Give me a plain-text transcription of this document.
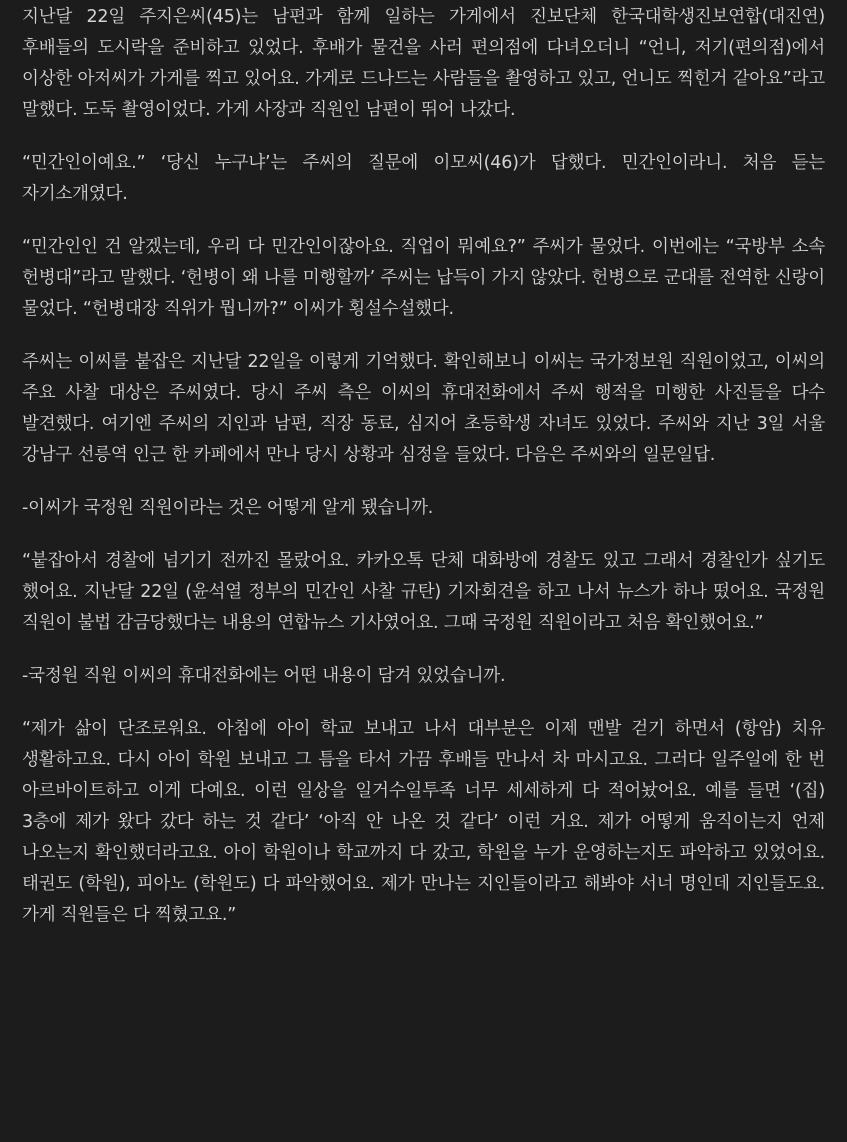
지난달 22일 주지은씨(45)는 남편과 함께 일하는 가게에서 진보단체 한국대학생진보연합(대진연) 후배들의 도시락을 준비하고 있었다. 후배가 물건을 사러 편의점에 다녀오더니 “언니, 저기(편의점)에서 이상한 아저씨가 가게를 찍고 있어요. 가게로 드나드는 사람들을 촬영하고 있고, 언니도 찍힌거 같아요”라고 말했다. 도둑 촬영이었다. 가게 사장과 직원인 남편이 뛰어 나갔다.

“민간인이예요.” ‘당신 누구냐’는 주씨의 질문에 이모씨(46)가 답했다. 민간인이라니. 처음 듣는 자기소개였다.

“민간인인 건 알겠는데, 우리 다 민간인이잖아요. 직업이 뭐예요?” 주씨가 물었다. 이번에는 “국방부 소속 헌병대”라고 말했다. ‘헌병이 왜 나를 미행할까’ 주씨는 납득이 가지 않았다. 헌병으로 군대를 전역한 신랑이 물었다. “헌병대장 직위가 뭡니까?” 이씨가 횡설수설했다.

주씨는 이씨를 붙잡은 지난달 22일을 이렇게 기억했다. 확인해보니 이씨는 국가정보원 직원이었고, 이씨의 주요 사찰 대상은 주씨였다. 당시 주씨 측은 이씨의 휴대전화에서 주씨 행적을 미행한 사진들을 다수 발견했다. 여기엔 주씨의 지인과 남편, 직장 동료, 심지어 초등학생 자녀도 있었다. 주씨와 지난 3일 서울 강남구 선릉역 인근 한 카페에서 만나 당시 상황과 심정을 들었다. 다음은 주씨와의 일문일답.

-이씨가 국정원 직원이라는 것은 어떻게 알게 됐습니까.

“붙잡아서 경찰에 넘기기 전까진 몰랐어요. 카카오톡 단체 대화방에 경찰도 있고 그래서 경찰인가 싶기도 했어요. 지난달 22일 (윤석열 정부의 민간인 사찰 규탄) 기자회견을 하고 나서 뉴스가 하나 떴어요. 국정원 직원이 불법 감금당했다는 내용의 연합뉴스 기사였어요. 그때 국정원 직원이라고 처음 확인했어요.”

-국정원 직원 이씨의 휴대전화에는 어떤 내용이 담겨 있었습니까.

“제가 삶이 단조로워요. 아침에 아이 학교 보내고 나서 대부분은 이제 맨발 걷기 하면서 (항암) 치유 생활하고요. 다시 아이 학원 보내고 그 틈을 타서 가끔 후배들 만나서 차 마시고요. 그러다 일주일에 한 번 아르바이트하고 이게 다예요. 이런 일상을 일거수일투족 너무 세세하게 다 적어놨어요. 예를 들면 ‘(집) 3층에 제가 왔다 갔다 하는 것 같다’ ‘아직 안 나온 것 같다’ 이런 거요. 제가 어떻게 움직이는지 언제 나오는지 확인했더라고요. 아이 학원이나 학교까지 다 갔고, 학원을 누가 운영하는지도 파악하고 있었어요. 태권도 (학원), 피아노 (학원도) 다 파악했어요. 제가 만나는 지인들이라고 해봐야 서너 명인데 지인들도요. 가게 직원들은 다 찍혔고요.”
